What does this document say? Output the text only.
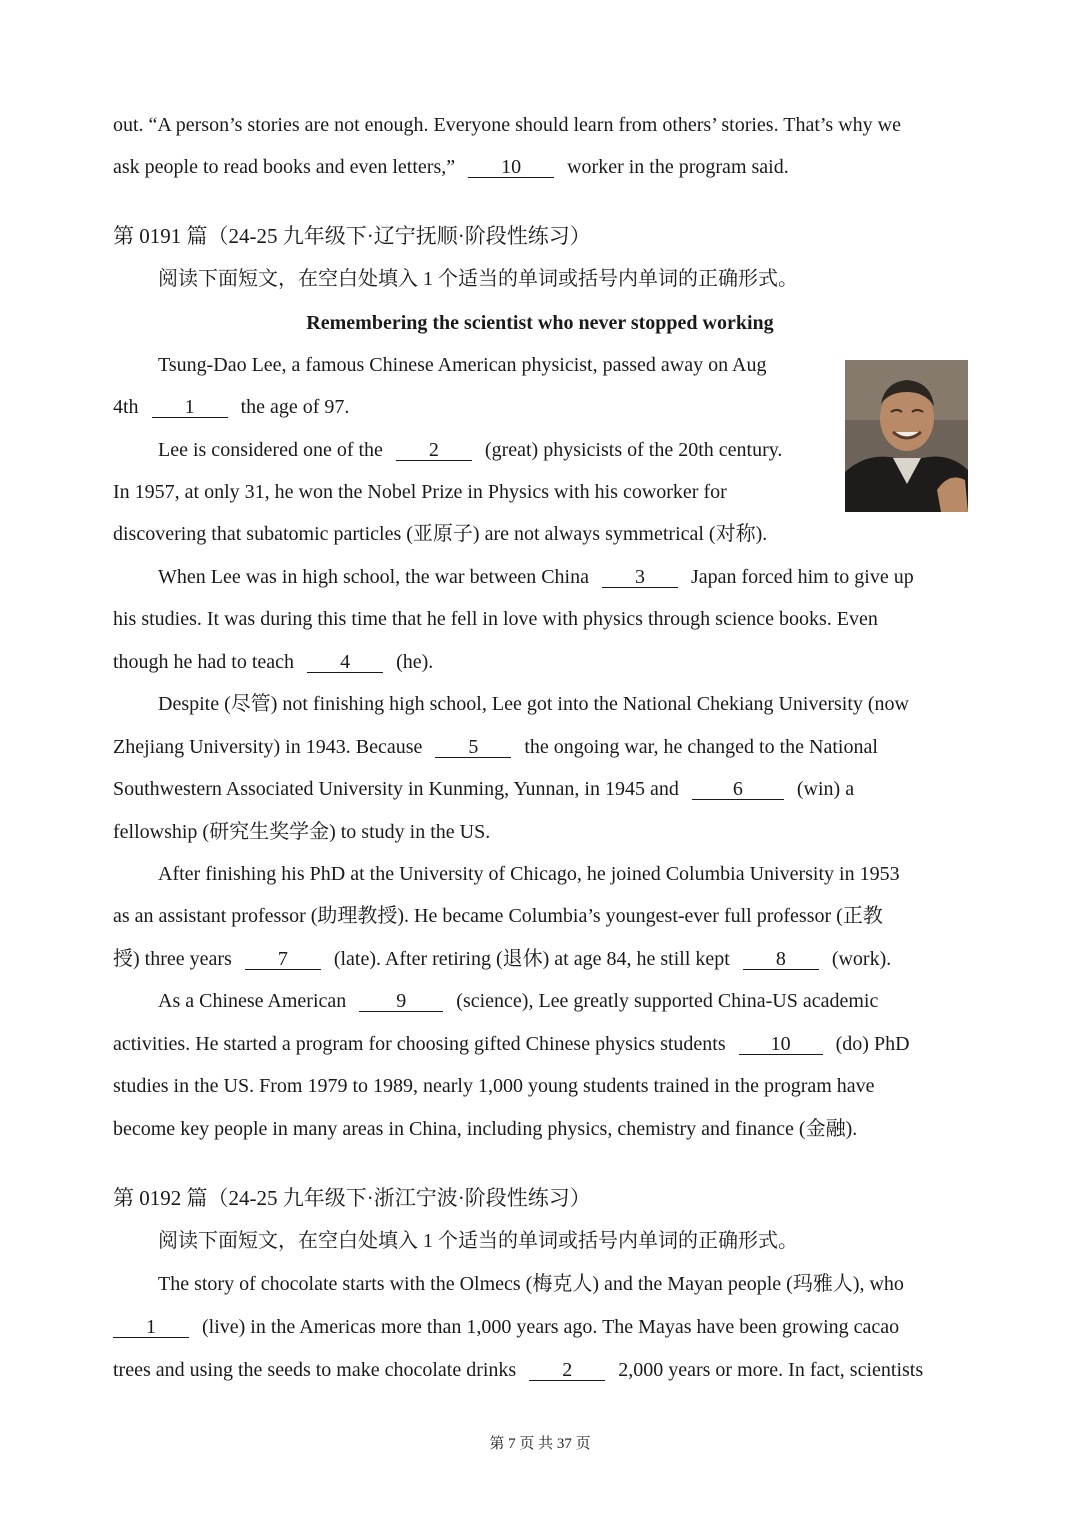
out. “A person’s stories are not enough. Everyone should learn from others’ stories. That’s why we
ask people to read books and even letters,” 10 worker in the program said.
第 0191 篇（24-25 九年级下·辽宁抚顺·阶段性练习）
阅读下面短文，在空白处填入 1 个适当的单词或括号内单词的正确形式。
Remembering the scientist who never stopped working
Tsung-Dao Lee, a famous Chinese American physicist, passed away on Aug
4th 1 the age of 97.
Lee is considered one of the 2 (great) physicists of the 20th century.
In 1957, at only 31, he won the Nobel Prize in Physics with his coworker for
discovering that subatomic particles (亚原子) are not always symmetrical (对称).
When Lee was in high school, the war between China 3 Japan forced him to give up
his studies. It was during this time that he fell in love with physics through science books. Even
though he had to teach 4 (he).
Despite (尽管) not finishing high school, Lee got into the National Chekiang University (now
Zhejiang University) in 1943. Because 5 the ongoing war, he changed to the National
Southwestern Associated University in Kunming, Yunnan, in 1945 and	6	(win) a
fellowship (研究生奖学金) to study in the US.
After finishing his PhD at the University of Chicago, he joined Columbia University in 1953
as an assistant professor (助理教授). He became Columbia’s youngest-ever full professor (正教
授) three years 7 (late). After retiring (退休) at age 84, he still kept 8 (work).
As a Chinese American	9	(science), Lee greatly supported China-US academic
activities. He started a program for choosing gifted Chinese physics students 10 (do) PhD
studies in the US. From 1979 to 1989, nearly 1,000 young students trained in the program have
become key people in many areas in China, including physics, chemistry and finance (金融).
第 0192 篇（24-25 九年级下·浙江宁波·阶段性练习）
阅读下面短文，在空白处填入 1 个适当的单词或括号内单词的正确形式。
The story of chocolate starts with the Olmecs (梅克人) and the Mayan people (玛雅人), who
1 (live) in the Americas more than 1,000 years ago. The Mayas have been growing cacao
trees and using the seeds to make chocolate drinks 2 2,000 years or more. In fact, scientists
第 7 页 共 37 页
